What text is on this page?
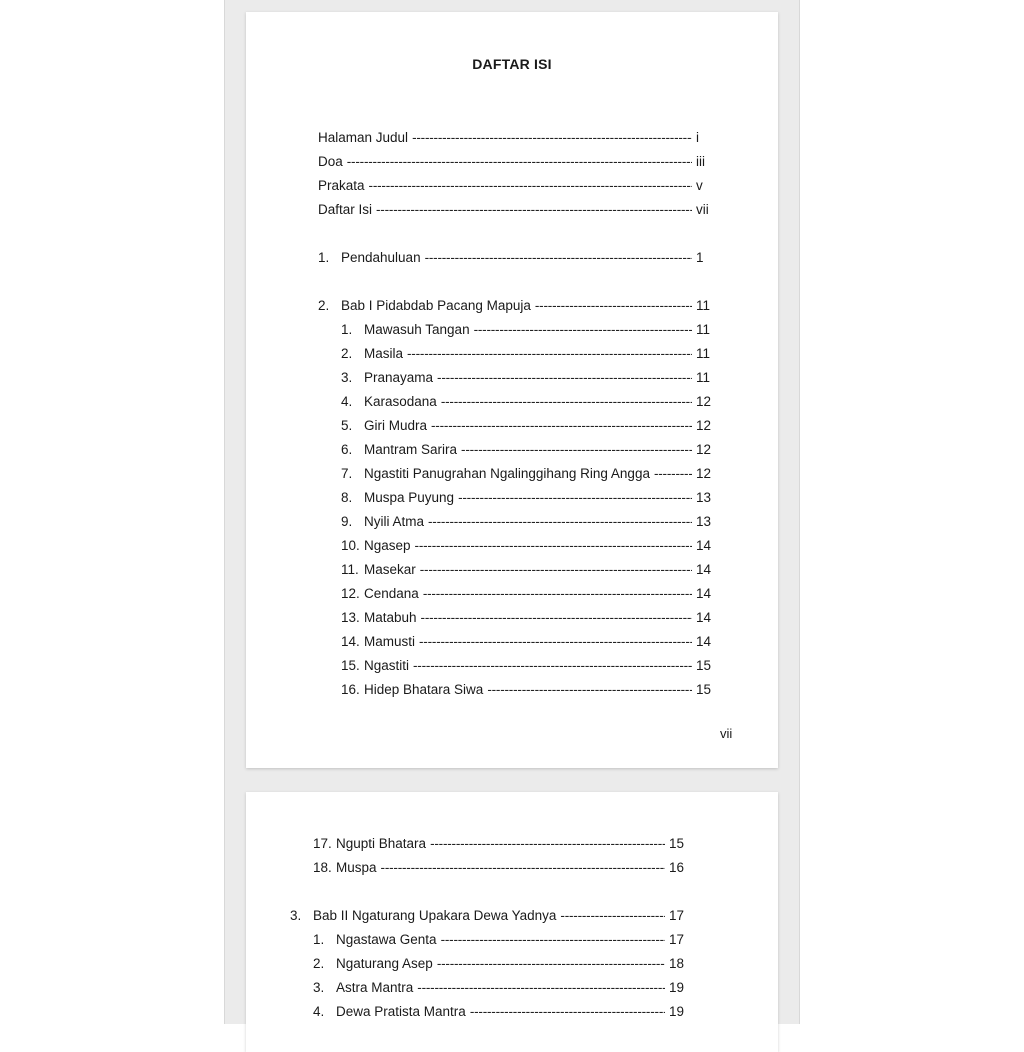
DAFTAR ISI
Halaman Judul -----	i
Doa -----	iii
Prakata -----	v
Daftar Isi -----	vii
1. Pendahuluan -----	1
2. Bab I Pidabdab Pacang Mapuja -----	11
1. Mawasuh Tangan -----	11
2. Masila -----	11
3. Pranayama -----	11
4. Karasodana -----	12
5. Giri Mudra -----	12
6. Mantram Sarira -----	12
7. Ngastiti Panugrahan Ngalinggihang Ring Angga -----	12
8. Muspa Puyung -----	13
9. Nyili Atma -----	13
10. Ngasep -----	14
11. Masekar -----	14
12. Cendana -----	14
13. Matabuh -----	14
14. Mamusti -----	14
15. Ngastiti -----	15
16. Hidep Bhatara Siwa -----	15
vii
17. Ngupti Bhatara -----	15
18. Muspa -----	16
3. Bab II Ngaturang Upakara Dewa Yadnya -----	17
1. Ngastawa Genta -----	17
2. Ngaturang Asep -----	18
3. Astra Mantra -----	19
4. Dewa Pratista Mantra -----	19
